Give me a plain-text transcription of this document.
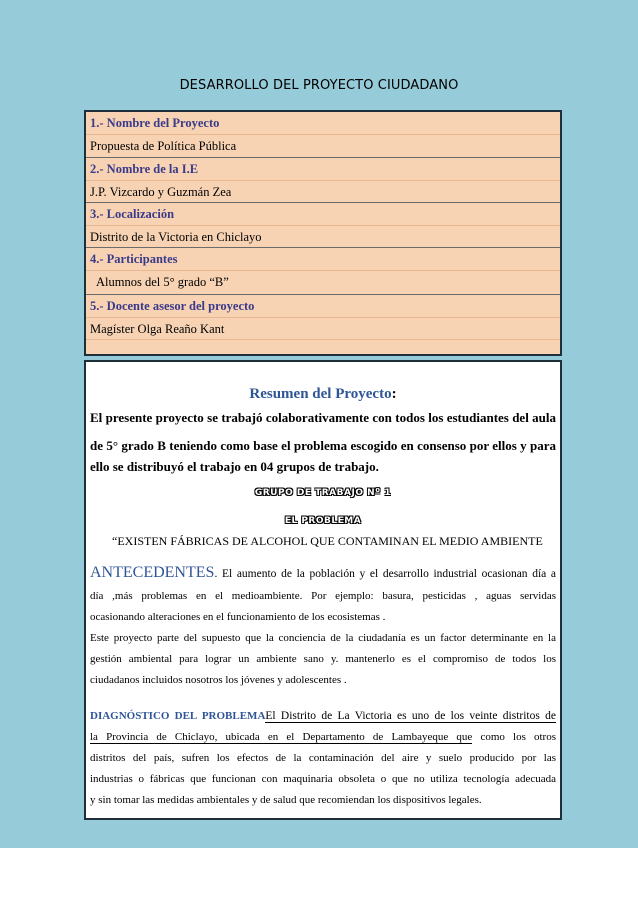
DESARROLLO DEL PROYECTO CIUDADANO
1.- Nombre del Proyecto
Propuesta de Política Pública
2.- Nombre de la I.E
J.P. Vizcardo y Guzmán Zea
3.- Localización
Distrito de la Victoria en Chiclayo
4.- Participantes
Alumnos del 5° grado “B”
5.- Docente asesor del proyecto
Magíster Olga Reaño Kant
Resumen del Proyecto:
El presente proyecto se trabajó colaborativamente con todos los estudiantes del aula
de 5° grado B teniendo como base el problema escogido en consenso por ellos y para
ello se distribuyó el trabajo en 04 grupos de trabajo.
GRUPO DE TRABAJO Nº 1
EL PROBLEMA
“EXISTEN FÁBRICAS DE ALCOHOL QUE CONTAMINAN EL MEDIO AMBIENTE
ANTECEDENTES. El aumento de la población y el desarrollo industrial ocasionan día a
día ,más problemas en el medioambiente. Por ejemplo: basura, pesticidas , aguas servidas
ocasionando alteraciones en el funcionamiento de los ecosistemas .
Este proyecto parte del supuesto que la conciencia de la ciudadanía es un factor determinante en la
gestión ambiental para lograr un ambiente sano y. mantenerlo es el compromiso de todos los
ciudadanos incluidos nosotros los jóvenes y adolescentes .
DIAGNÓSTICO DEL PROBLEMAEl Distrito de La Victoria es uno de los veinte distritos de
la Provincia de Chiclayo, ubicada en el Departamento de Lambayeque que como los otros
distritos del país, sufren los efectos de la contaminación del aire y suelo producido por las
industrias o fábricas que funcionan con maquinaria obsoleta o que no utiliza tecnología adecuada
y sin tomar las medidas ambientales y de salud que recomiendan los dispositivos legales.
